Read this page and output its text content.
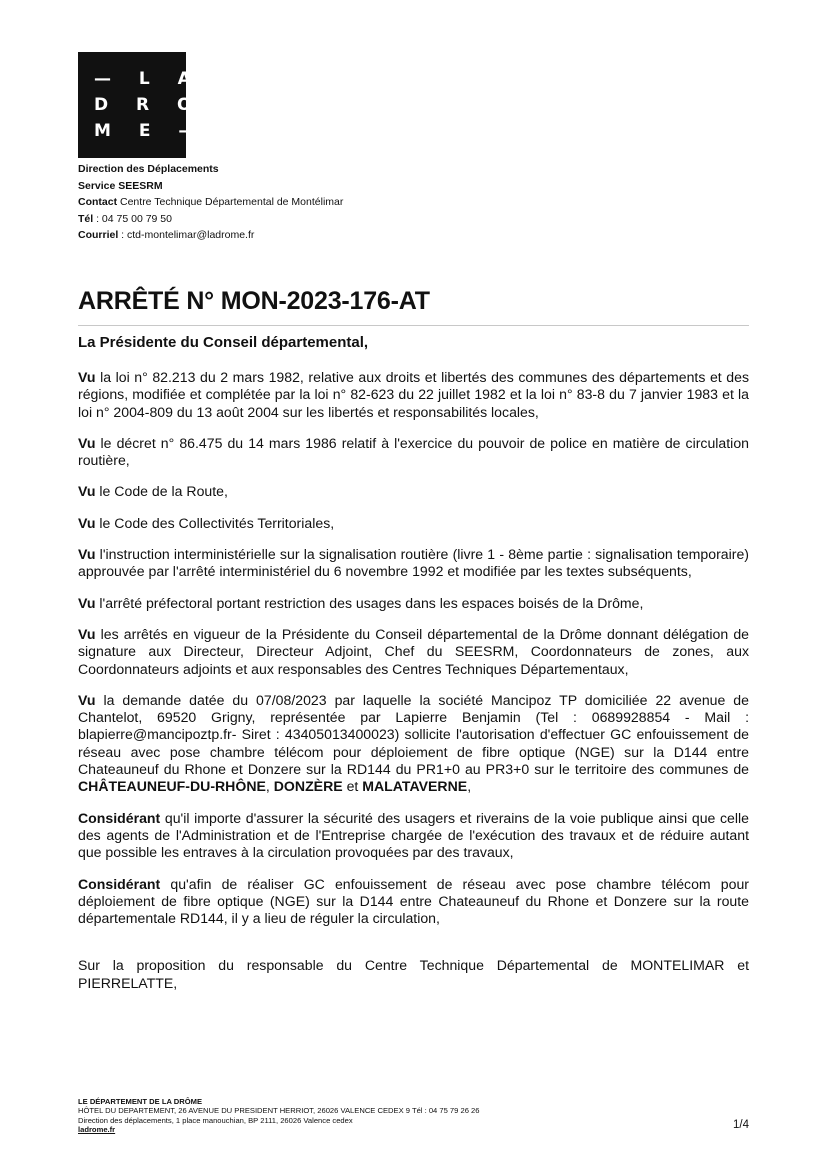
— L A
D R O
M E —
Direction des Déplacements
Service SEESRM
Contact Centre Technique Départemental de Montélimar
Tél : 04 75 00 79 50
Courriel : ctd-montelimar@ladrome.fr
ARRÊTÉ N° MON-2023-176-AT
La Présidente du Conseil départemental,

Vu la loi n° 82.213 du 2 mars 1982, relative aux droits et libertés des communes des départements et des régions, modifiée et complétée par la loi n° 82-623 du 22 juillet 1982 et la loi n° 83-8 du 7 janvier 1983 et la loi n° 2004-809 du 13 août 2004 sur les libertés et responsabilités locales,

Vu le décret n° 86.475 du 14 mars 1986 relatif à l'exercice du pouvoir de police en matière de circulation routière,

Vu le Code de la Route,

Vu le Code des Collectivités Territoriales,

Vu l'instruction interministérielle sur la signalisation routière (livre 1 - 8ème partie : signalisation temporaire) approuvée par l'arrêté interministériel du 6 novembre 1992 et modifiée par les textes subséquents,

Vu l'arrêté préfectoral portant restriction des usages dans les espaces boisés de la Drôme,

Vu les arrêtés en vigueur de la Présidente du Conseil départemental de la Drôme donnant délégation de signature aux Directeur, Directeur Adjoint, Chef du SEESRM, Coordonnateurs de zones, aux Coordonnateurs adjoints et aux responsables des Centres Techniques Départementaux,

Vu la demande datée du 07/08/2023 par laquelle la société Mancipoz TP domiciliée 22 avenue de Chantelot, 69520 Grigny, représentée par Lapierre Benjamin (Tel : 0689928854 - Mail : blapierre@mancipoztp.fr- Siret : 43405013400023) sollicite l'autorisation d'effectuer GC enfouissement de réseau avec pose chambre télécom pour déploiement de fibre optique (NGE) sur la D144 entre Chateauneuf du Rhone et Donzere sur la RD144 du PR1+0 au PR3+0 sur le territoire des communes de CHÂTEAUNEUF-DU-RHÔNE, DONZÈRE et MALATAVERNE,

Considérant qu'il importe d'assurer la sécurité des usagers et riverains de la voie publique ainsi que celle des agents de l'Administration et de l'Entreprise chargée de l'exécution des travaux et de réduire autant que possible les entraves à la circulation provoquées par des travaux,

Considérant qu'afin de réaliser GC enfouissement de réseau avec pose chambre télécom pour déploiement de fibre optique (NGE) sur la D144 entre Chateauneuf du Rhone et Donzere sur la route départementale RD144, il y a lieu de réguler la circulation,

Sur la proposition du responsable du Centre Technique Départemental de MONTELIMAR et PIERRELATTE,

LE DÉPARTEMENT DE LA DRÔME
HÔTEL DU DEPARTEMENT, 26 AVENUE DU PRESIDENT HERRIOT, 26026 VALENCE CEDEX 9 Tél : 04 75 79 26 26
Direction des déplacements, 1 place manouchian, BP 2111, 26026 Valence cedex
ladrome.fr	1/4
